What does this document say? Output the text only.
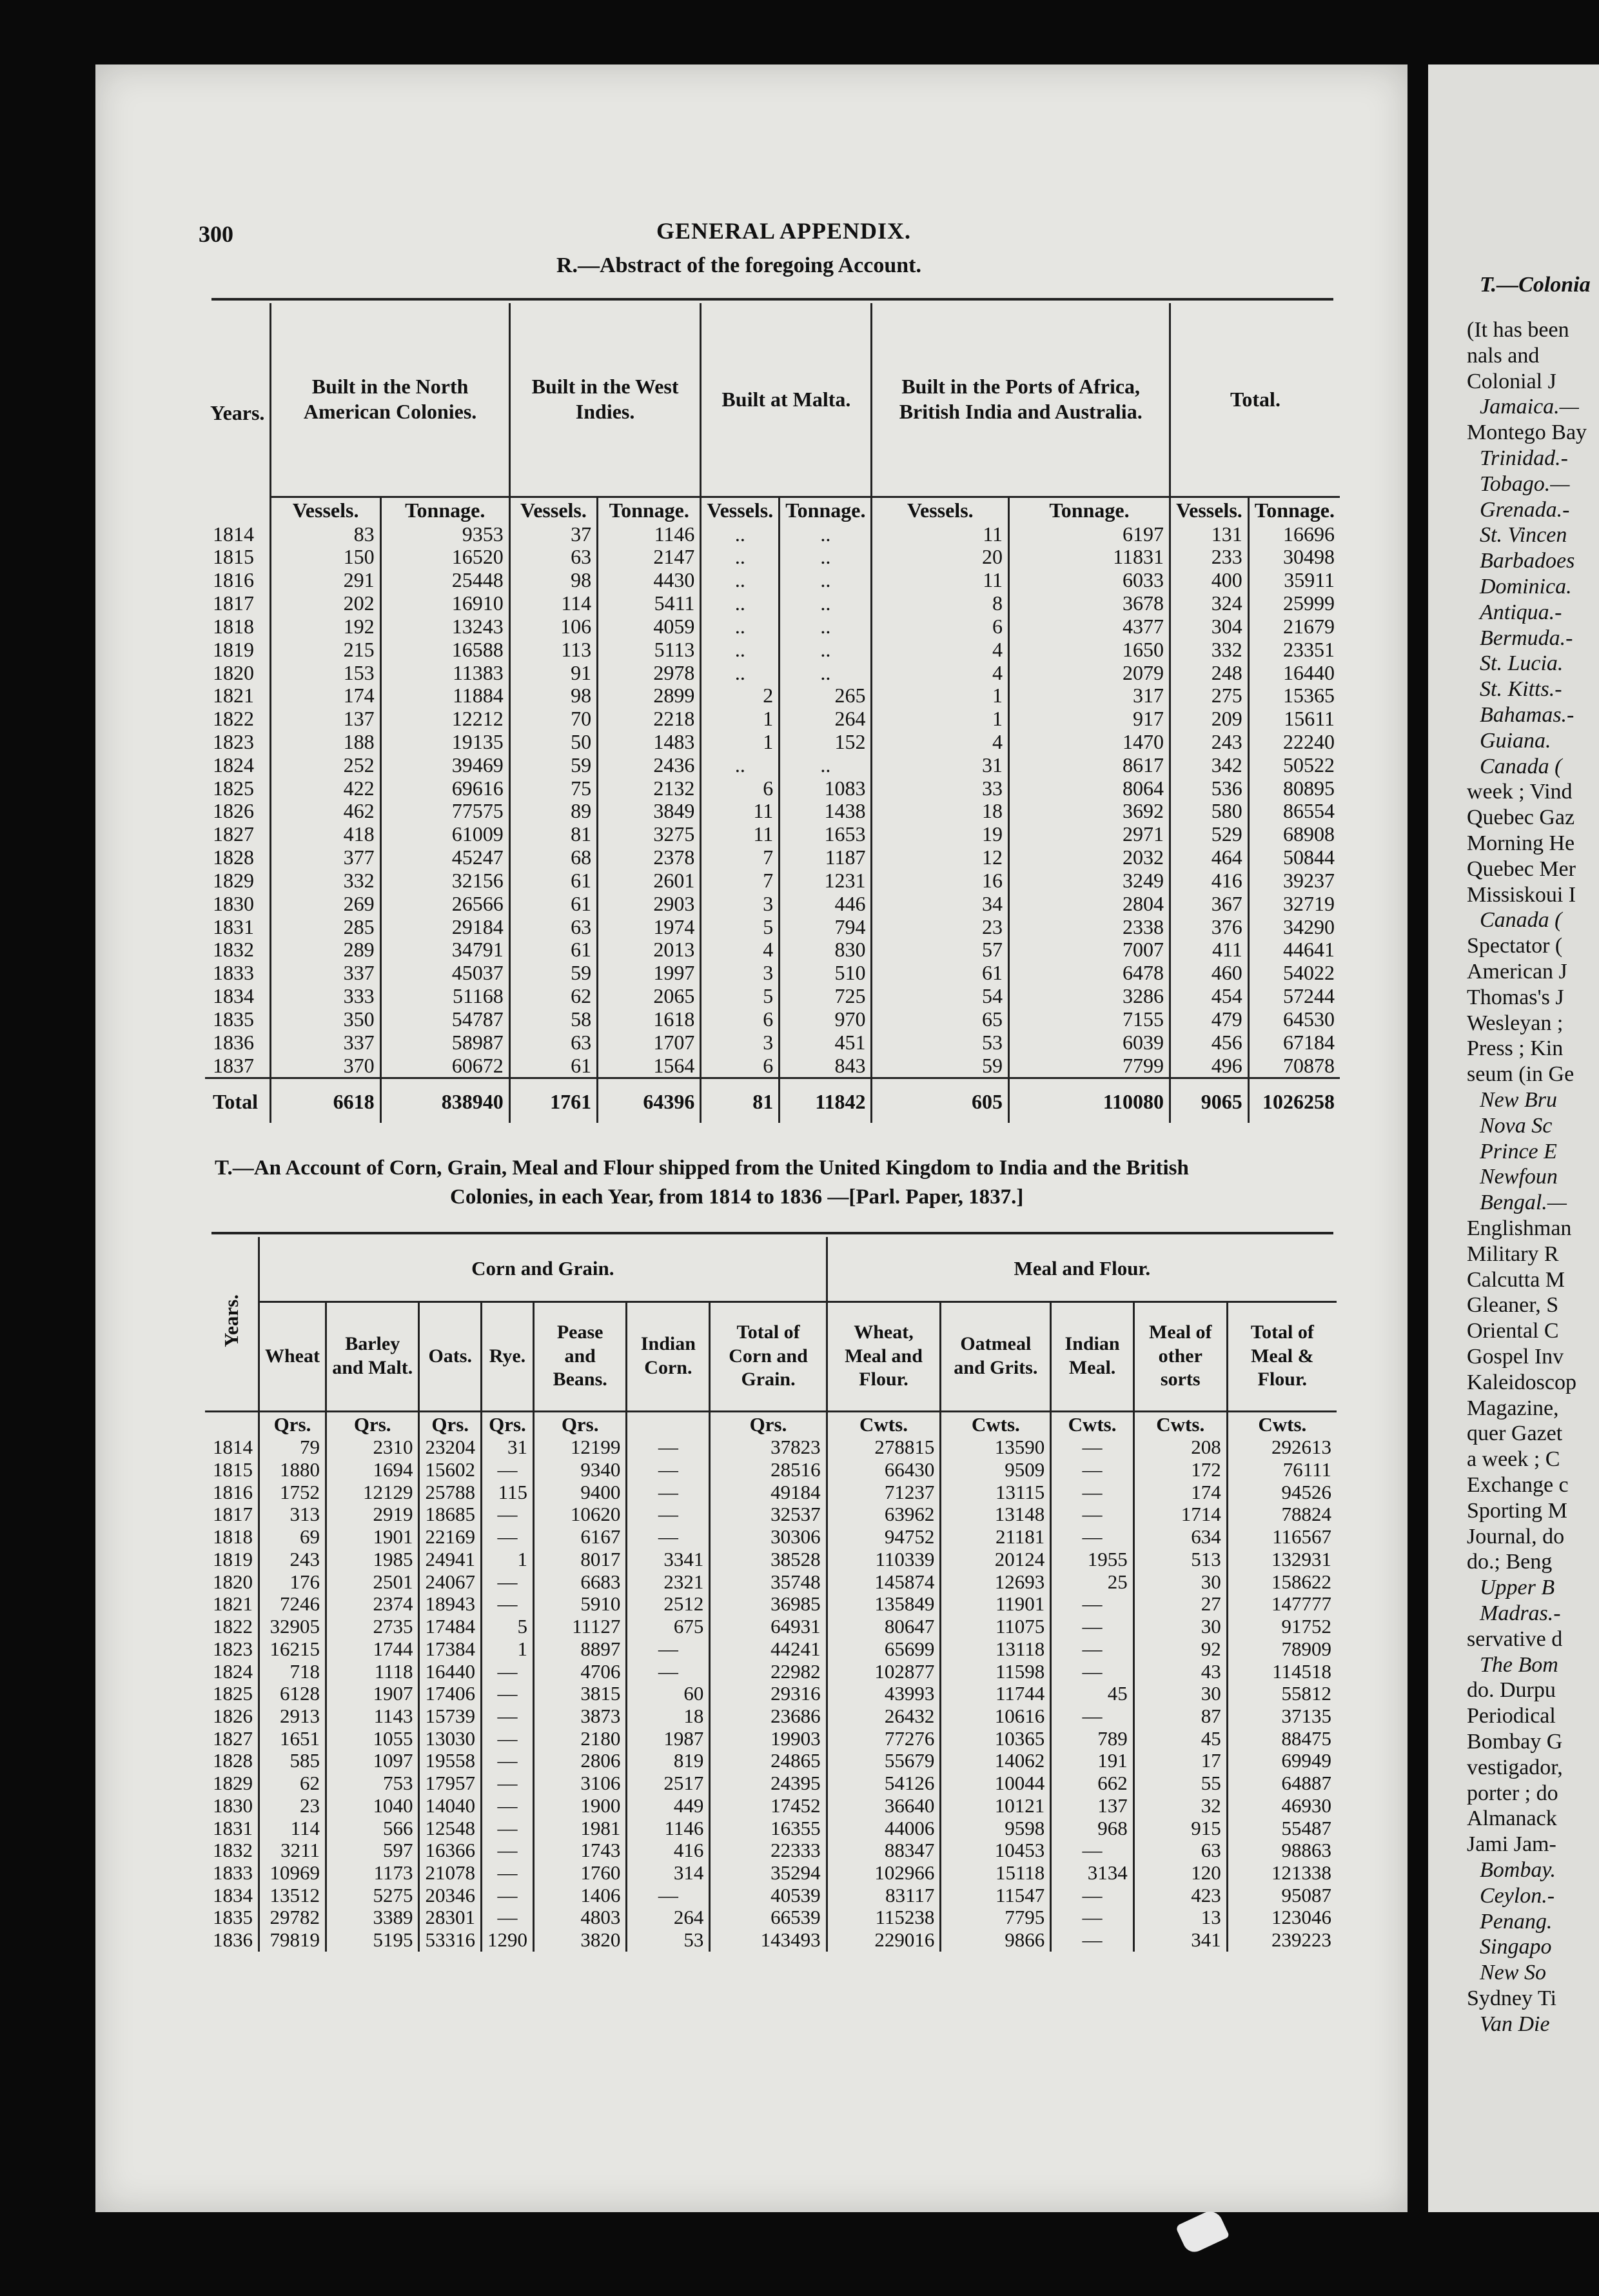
300	GENERAL APPENDIX.
R.—Abstract of the foregoing Account.
Years.	Built in the North American Colonies.		Built in the West Indies.		Built at Malta.		Built in the Ports of Africa, British India and Australia.		Total.	
	Vessels.	Tonnage.	Vessels.	Tonnage.	Vessels.	Tonnage.	Vessels.	Tonnage.	Vessels.	Tonnage.
1814	83	9353	37	1146	..	..	11	6197	131	16696
1815	150	16520	63	2147	..	..	20	11831	233	30498
1816	291	25448	98	4430	..	..	11	6033	400	35911
1817	202	16910	114	5411	..	..	8	3678	324	25999
1818	192	13243	106	4059	..	..	6	4377	304	21679
1819	215	16588	113	5113	..	..	4	1650	332	23351
1820	153	11383	91	2978	..	..	4	2079	248	16440
1821	174	11884	98	2899	2	265	1	317	275	15365
1822	137	12212	70	2218	1	264	1	917	209	15611
1823	188	19135	50	1483	1	152	4	1470	243	22240
1824	252	39469	59	2436	..	..	31	8617	342	50522
1825	422	69616	75	2132	6	1083	33	8064	536	80895
1826	462	77575	89	3849	11	1438	18	3692	580	86554
1827	418	61009	81	3275	11	1653	19	2971	529	68908
1828	377	45247	68	2378	7	1187	12	2032	464	50844
1829	332	32156	61	2601	7	1231	16	3249	416	39237
1830	269	26566	61	2903	3	446	34	2804	367	32719
1831	285	29184	63	1974	5	794	23	2338	376	34290
1832	289	34791	61	2013	4	830	57	7007	411	44641
1833	337	45037	59	1997	3	510	61	6478	460	54022
1834	333	51168	62	2065	5	725	54	3286	454	57244
1835	350	54787	58	1618	6	970	65	7155	479	64530
1836	337	58987	63	1707	3	451	53	6039	456	67184
1837	370	60672	61	1564	6	843	59	7799	496	70878
Total	6618	838940	1761	64396	81	11842	605	110080	9065	1026258
T.—An Account of Corn, Grain, Meal and Flour shipped from the United Kingdom to India and the British
Colonies, in each Year, from 1814 to 1836 —[Parl. Paper, 1837.]
Years.	Corn and Grain.							Meal and Flour.				
	Wheat	Barley and Malt.	Oats.	Rye.	Pease and Beans.	Indian Corn.	Total of Corn and Grain.	Wheat, Meal and Flour.	Oatmeal and Grits.	Indian Meal.	Meal of other sorts	Total of Meal & Flour.
	Qrs.	Qrs.	Qrs.	Qrs.	Qrs.		Qrs.	Cwts.	Cwts.	Cwts.	Cwts.	Cwts.
1814	79	2310	23204	31	12199	—	37823	278815	13590	—	208	292613
1815	1880	1694	15602	—	9340	—	28516	66430	9509	—	172	76111
1816	1752	12129	25788	115	9400	—	49184	71237	13115	—	174	94526
1817	313	2919	18685	—	10620	—	32537	63962	13148	—	1714	78824
1818	69	1901	22169	—	6167	—	30306	94752	21181	—	634	116567
1819	243	1985	24941	1	8017	3341	38528	110339	20124	1955	513	132931
1820	176	2501	24067	—	6683	2321	35748	145874	12693	25	30	158622
1821	7246	2374	18943	—	5910	2512	36985	135849	11901	—	27	147777
1822	32905	2735	17484	5	11127	675	64931	80647	11075	—	30	91752
1823	16215	1744	17384	1	8897	—	44241	65699	13118	—	92	78909
1824	718	1118	16440	—	4706	—	22982	102877	11598	—	43	114518
1825	6128	1907	17406	—	3815	60	29316	43993	11744	45	30	55812
1826	2913	1143	15739	—	3873	18	23686	26432	10616	—	87	37135
1827	1651	1055	13030	—	2180	1987	19903	77276	10365	789	45	88475
1828	585	1097	19558	—	2806	819	24865	55679	14062	191	17	69949
1829	62	753	17957	—	3106	2517	24395	54126	10044	662	55	64887
1830	23	1040	14040	—	1900	449	17452	36640	10121	137	32	46930
1831	114	566	12548	—	1981	1146	16355	44006	9598	968	915	55487
1832	3211	597	16366	—	1743	416	22333	88347	10453	—	63	98863
1833	10969	1173	21078	—	1760	314	35294	102966	15118	3134	120	121338
1834	13512	5275	20346	—	1406	—	40539	83117	11547	—	423	95087
1835	29782	3389	28301	—	4803	264	66539	115238	7795	—	13	123046
1836	79819	5195	53316	1290	3820	53	143493	229016	9866	—	341	239223
T.—Colonia
(It has been
nals and
Colonial J
Jamaica.—
Montego Bay
Trinidad.-
Tobago.—
Grenada.-
St. Vincen
Barbadoes
Dominica.
Antiqua.-
Bermuda.-
St. Lucia.
St. Kitts.-
Bahamas.-
Guiana.
Canada (
week ; Vind
Quebec Gaz
Morning He
Quebec Mer
Missiskoui I
Canada (
Spectator (
American J
Thomas's J
Wesleyan ;
Press ; Kin
seum (in Ge
New Bru
Nova Sc
Prince E
Newfoun
Bengal.—
Englishman
Military R
Calcutta M
Gleaner, S
Oriental C
Gospel Inv
Kaleidoscop
Magazine,
quer Gazet
a week ; C
Exchange c
Sporting M
Journal, do
do.; Beng
Upper B
Madras.-
servative d
The Bom
do. Durpu
Periodical
Bombay G
vestigador,
porter ; do
Almanack
Jami Jam-
Bombay.
Ceylon.-
Penang.
Singapo
New So
Sydney Ti
Van Die
